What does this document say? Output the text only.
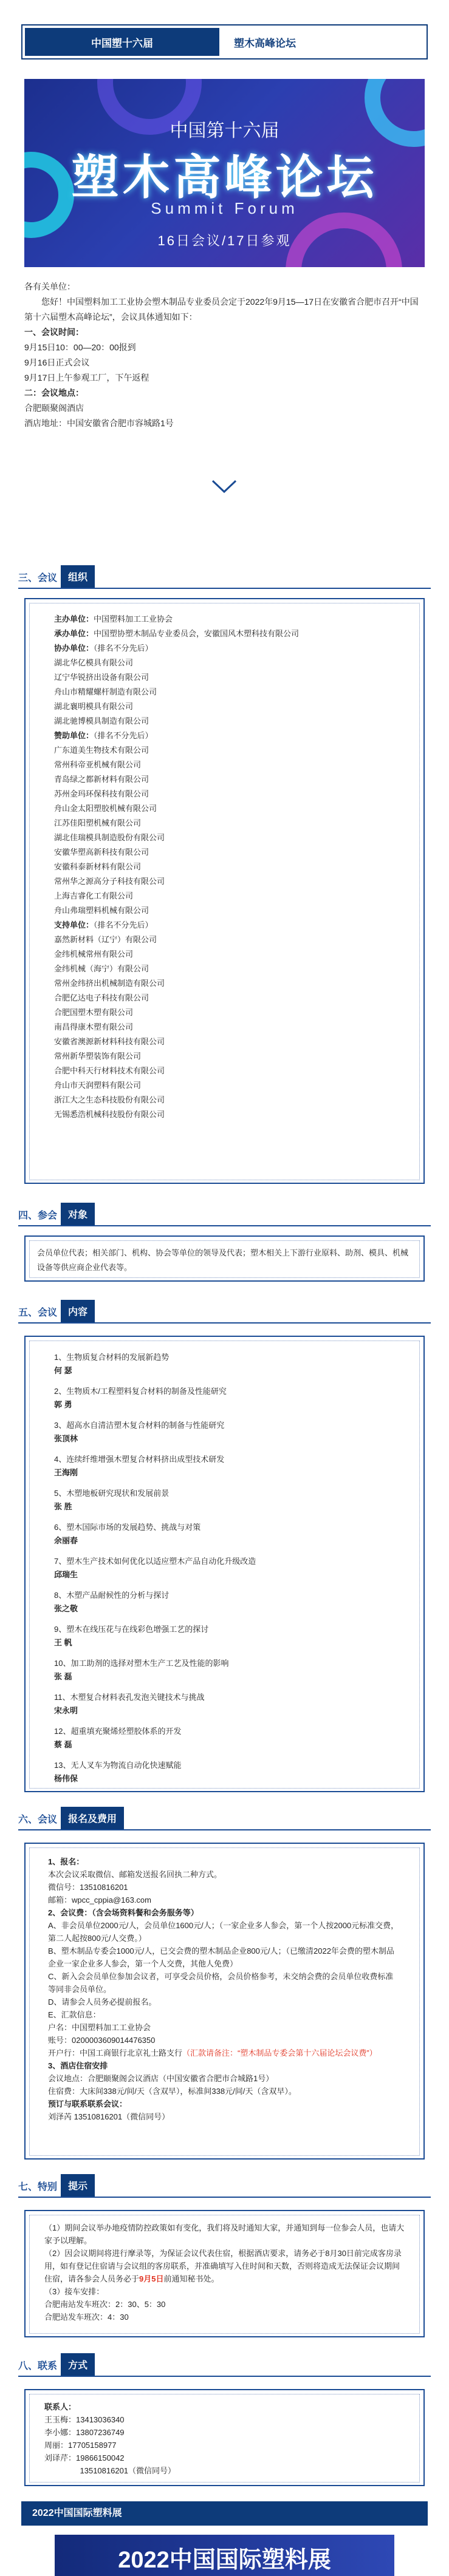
中国塑十六届	塑木高峰论坛
中国第十六届
塑木高峰论坛
Summit Forum
16日会议/17日参观

各有关单位：

您好！中国塑料加工工业协会塑木制品专业委员会定于2022年9月15—17日在安徽省合肥市召开“中国第十六届塑木高峰论坛”，会议具体通知如下：

一、会议时间：

9月15日10：00—20：00报到

9月16日正式会议

9月17日上午参观工厂，下午返程

二：会议地点：

合肥颐聚阁酒店

酒店地址：中国安徽省合肥市容城路1号

三、会议	组织

主办单位：中国塑料加工工业协会

承办单位：中国塑协塑木制品专业委员会，安徽国风木塑科技有限公司

协办单位：（排名不分先后）

湖北华亿模具有限公司

辽宁华锐挤出设备有限公司

舟山市精耀螺杆制造有限公司

湖北襄明模具有限公司

湖北驰博模具制造有限公司

赞助单位：（排名不分先后）

广东道美生物技术有限公司

常州科帝亚机械有限公司

青岛绿之都新材料有限公司

苏州金玛环保科技有限公司

舟山金太阳塑胶机械有限公司

江苏佳阳塑机械有限公司

湖北佳瑞模具制造股份有限公司

安徽华塑高新科技有限公司

安徽科泰新材料有限公司

常州华之源高分子科技有限公司

上海吉睿化工有限公司

舟山弗瑞塑料机械有限公司

支持单位：（排名不分先后）

嘉然新材料（辽宁）有限公司

金纬机械常州有限公司

金纬机械（海宁）有限公司

常州金纬挤出机械制造有限公司

合肥亿达电子科技有限公司

合肥国塑木塑有限公司

南昌得康木塑有限公司

安徽省澳源新材料科技有限公司

常州新华塑装饰有限公司

合肥中科天行材料技术有限公司

舟山市天润塑料有限公司

浙江大之生态科技股份有限公司

无锡悉浩机械科技股份有限公司

四、参会	对象

会员单位代表；相关部门、机构、协会等单位的领导及代表；塑木相关上下游行业原料、助剂、模具、机械设备等供应商企业代表等。

五、会议	内容
1、生物质复合材料的发展新趋势
何 瑟
2、生物质木/工程塑料复合材料的制备及性能研究
郭 勇
3、超高水自清洁塑木复合材料的制备与性能研究
张顶林
4、连续纤维增强木塑复合材料挤出成型技术研发
王海刚
5、木塑地板研究现状和发展前景
张 胜
6、塑木国际市场的发展趋势、挑战与对策
余丽春
7、塑木生产技术如何优化以适应塑木产品自动化升级改造
邱瑞生
8、木塑产品耐候性的分析与探讨
张之敬
9、塑木在线压花与在线彩色增强工艺的探讨
王 帆
10、加工助剂的选择对塑木生产工艺及性能的影响
张 磊
11、木塑复合材料表孔发泡关键技术与挑战
宋永明
12、超重填充聚烯烃塑胶体系的开发
蔡 磊
13、无人叉车为物流自动化快速赋能
杨伟保
六、会议	报名及费用

1、报名：

本次会议采取微信、邮箱发送报名回执二种方式。

微信号：13510816201

邮箱：wpcc_cppia@163.com

2、会议费：（含会场资料餐和会务服务等）

A、非会员单位2000元/人，会员单位1600元/人；（一家企业多人参会，第一个人按2000元标准交费，第二人起按800元/人交费。）

B、塑木制品专委会1000元/人，已交会费的塑木制品企业800元/人；（已缴清2022年会费的塑木制品企业一家企业多人参会，第一个人交费，其他人免费）

C、新入会会员单位参加会议者，可享受会员价格，会员价格参考，未交纳会费的会员单位收费标准等同非会员单位。

D、请参会人员务必提前报名。

E、汇款信息：

户名：中国塑料加工工业协会

账号：0200003609014476350

开户行：中国工商银行北京礼士路支行（汇款请备注：“塑木制品专委会第十六届论坛会议费”）

3、酒店住宿安排

会议地点：合肥颐聚阁会议酒店（中国安徽省合肥市合城路1号）

住宿费：大床间338元/间/天（含双早），标准间338元/间/天（含双早）。

预订与联系联系会议：

刘泽芮 13510816201（微信同号）

七、特别	提示

（1）期间会议举办地疫情防控政策如有变化，我们将及时通知大家，并通知到每一位参会人员，也请大家予以理解。

（2）因会议期间将进行摩录等，为保证会议代表住宿，根据酒店要求，请务必于8月30日前完成客房录用，如有登记住宿请与会议组的客房联系，并准确填写入住时间和天数，否则将造成无法保证会议期间住宿，请各参会人员务必于9月5日前通知秘书处。

（3）接车安排：

合肥南站发车班次：2：30、5：30

合肥站发车班次：4：30

八、联系	方式

联系人：

王玉梅：13413036340

李小娜：13807236749

周丽：17705158977

刘译芹：19866150042

13510816201（微信同号）

2022中国国际塑料展
2022中国国际塑料展
